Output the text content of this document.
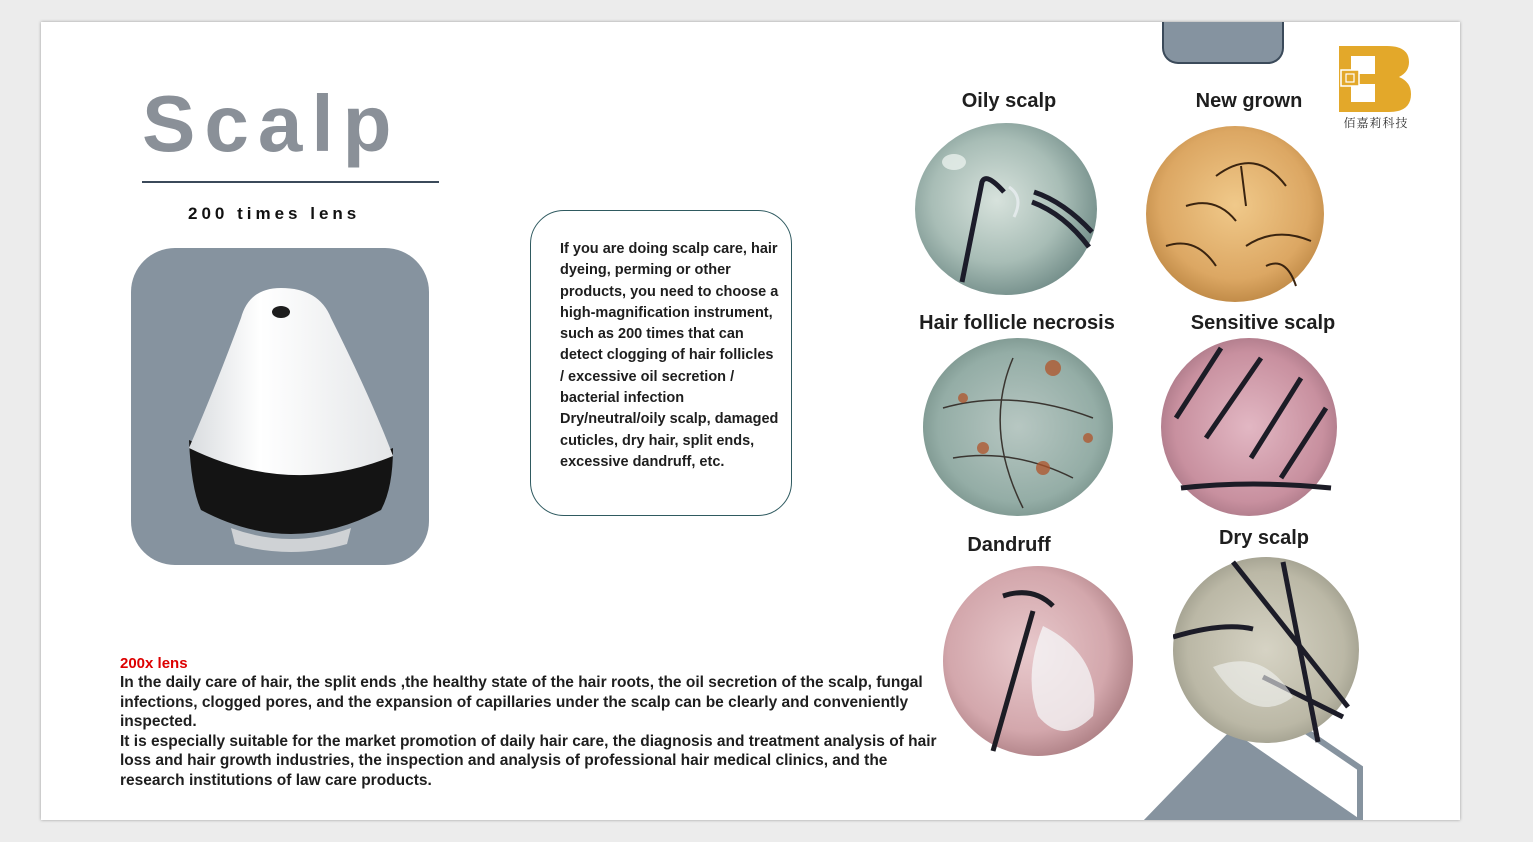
佰嘉莉科技
Scalp
200 times lens

If you are doing scalp care, hair dyeing, perming or other products, you need to choose a high-magnification instrument, such as 200 times that can detect clogging of hair follicles / excessive oil secretion / bacterial infection Dry/neutral/oily scalp, damaged cuticles, dry hair, split ends, excessive dandruff, etc.

200x lens

In the daily care of hair, the split ends ,the healthy state of the hair roots, the oil secretion of the scalp, fungal infections, clogged pores, and the expansion of capillaries under the scalp can be clearly and conveniently inspected.

It is especially suitable for the market promotion of daily hair care, the diagnosis and treatment analysis of hair loss and hair growth industries, the inspection and analysis of professional hair medical clinics, and the research institutions of law care products.

Oily scalp	New grown
Hair follicle necrosis	Sensitive scalp
Dandruff	Dry scalp
